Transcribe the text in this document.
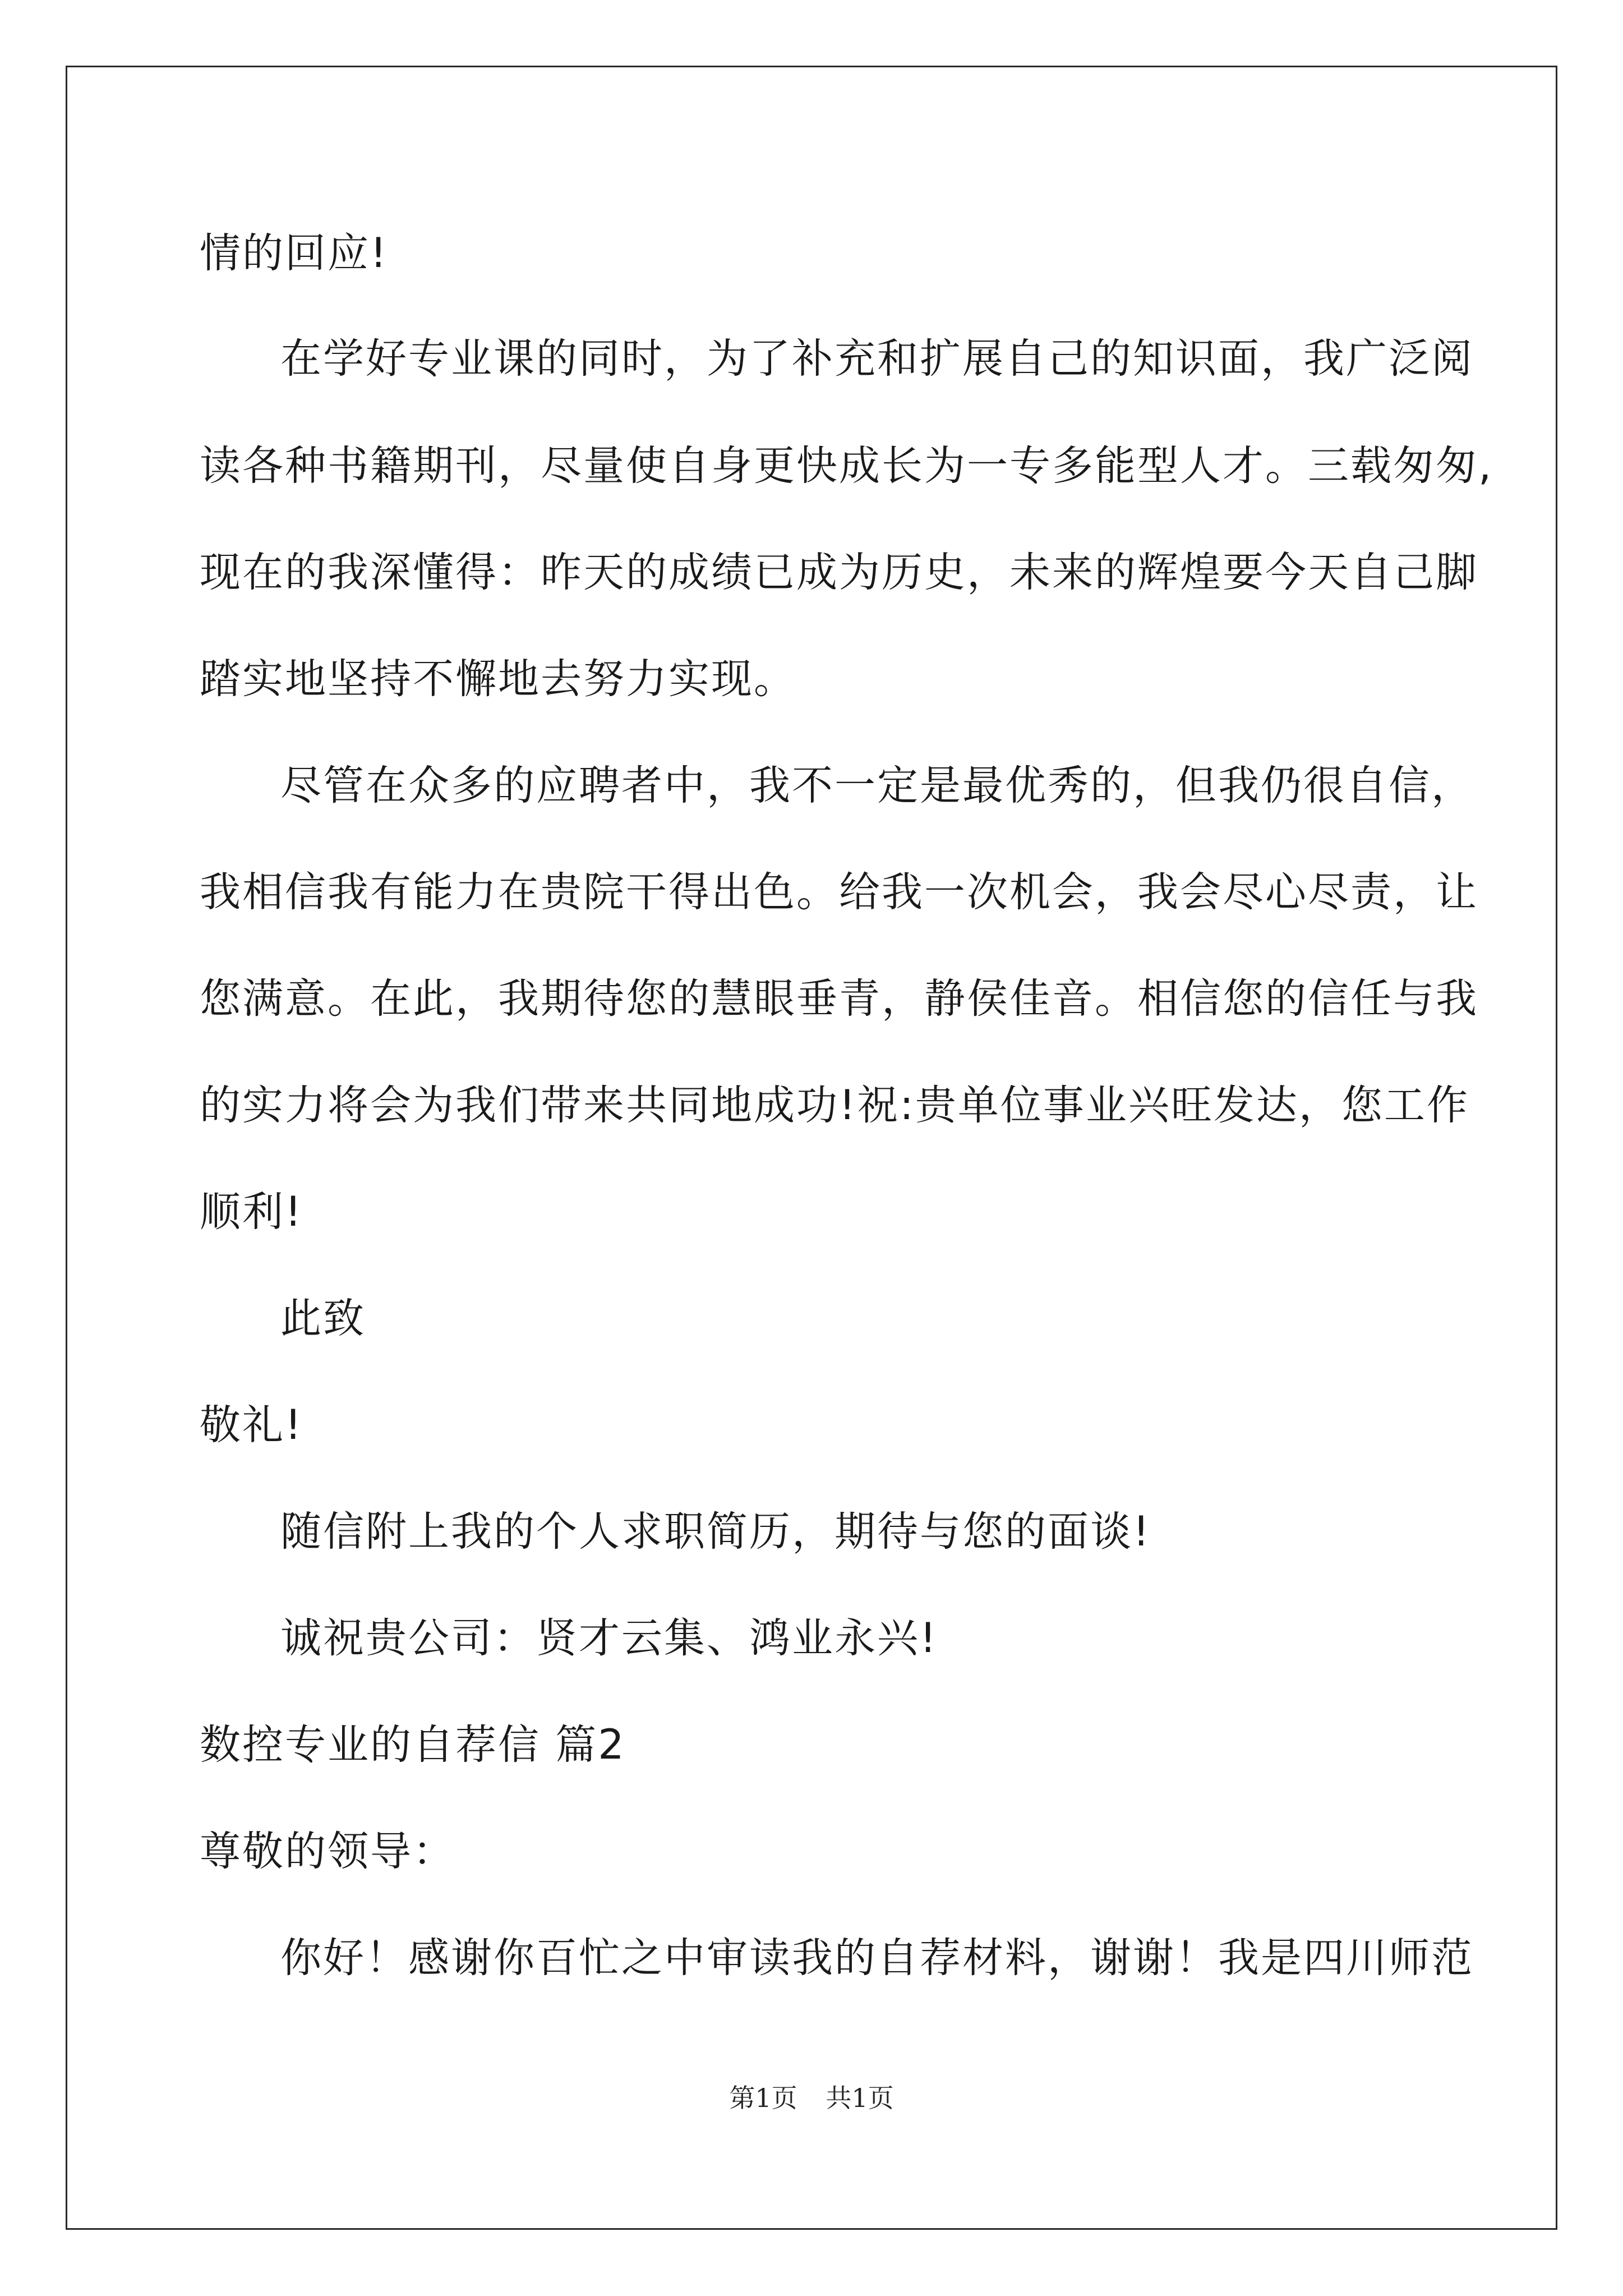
情的回应!
在学好专业课的同时，为了补充和扩展自己的知识面，我广泛阅
读各种书籍期刊，尽量使自身更快成长为一专多能型人才。三载匆匆,
现在的我深懂得：昨天的成绩已成为历史，未来的辉煌要今天自己脚
踏实地坚持不懈地去努力实现。
尽管在众多的应聘者中，我不一定是最优秀的，但我仍很自信，
我相信我有能力在贵院干得出色。给我一次机会，我会尽心尽责，让
您满意。在此，我期待您的慧眼垂青，静侯佳音。相信您的信任与我
的实力将会为我们带来共同地成功!祝:贵单位事业兴旺发达，您工作
顺利!
此致
敬礼!
随信附上我的个人求职简历，期待与您的面谈!
诚祝贵公司：贤才云集、鸿业永兴!
数控专业的自荐信 篇2
尊敬的领导：
你好！感谢你百忙之中审读我的自荐材料，谢谢！我是四川师范
第1页 共1页
